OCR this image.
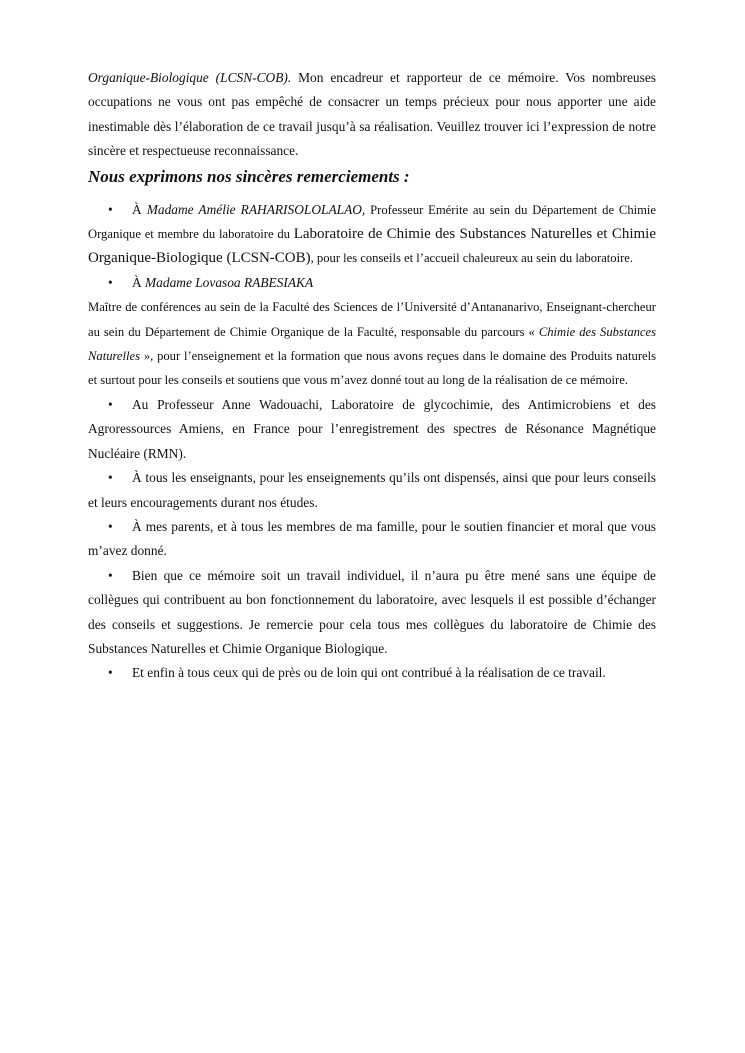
Organique-Biologique (LCSN-COB). Mon encadreur et rapporteur de ce mémoire. Vos nombreuses occupations ne vous ont pas empêché de consacrer un temps précieux pour nous apporter une aide inestimable dès l’élaboration de ce travail jusqu’à sa réalisation. Veuillez trouver ici l’expression de notre sincère et respectueuse reconnaissance.

Nous exprimons nos sincères remerciements :

• À Madame Amélie RAHARISOLOLALAO, Professeur Emérite au sein du Département de Chimie Organique et membre du laboratoire du Laboratoire de Chimie des Substances Naturelles et Chimie Organique-Biologique (LCSN-COB), pour les conseils et l’accueil chaleureux au sein du laboratoire.

• À Madame Lovasoa RABESIAKA

Maître de conférences au sein de la Faculté des Sciences de l’Université d’Antananarivo, Enseignant-chercheur au sein du Département de Chimie Organique de la Faculté, responsable du parcours « Chimie des Substances Naturelles », pour l’enseignement et la formation que nous avons reçues dans le domaine des Produits naturels et surtout pour les conseils et soutiens que vous m’avez donné tout au long de la réalisation de ce mémoire.

• Au Professeur Anne Wadouachi, Laboratoire de glycochimie, des Antimicrobiens et des Agroressources Amiens, en France pour l’enregistrement des spectres de Résonance Magnétique Nucléaire (RMN).

• À tous les enseignants, pour les enseignements qu’ils ont dispensés, ainsi que pour leurs conseils et leurs encouragements durant nos études.

• À mes parents, et à tous les membres de ma famille, pour le soutien financier et moral que vous m’avez donné.

• Bien que ce mémoire soit un travail individuel, il n’aura pu être mené sans une équipe de collègues qui contribuent au bon fonctionnement du laboratoire, avec lesquels il est possible d’échanger des conseils et suggestions. Je remercie pour cela tous mes collègues du laboratoire de Chimie des Substances Naturelles et Chimie Organique Biologique.

• Et enfin à tous ceux qui de près ou de loin qui ont contribué à la réalisation de ce travail.
